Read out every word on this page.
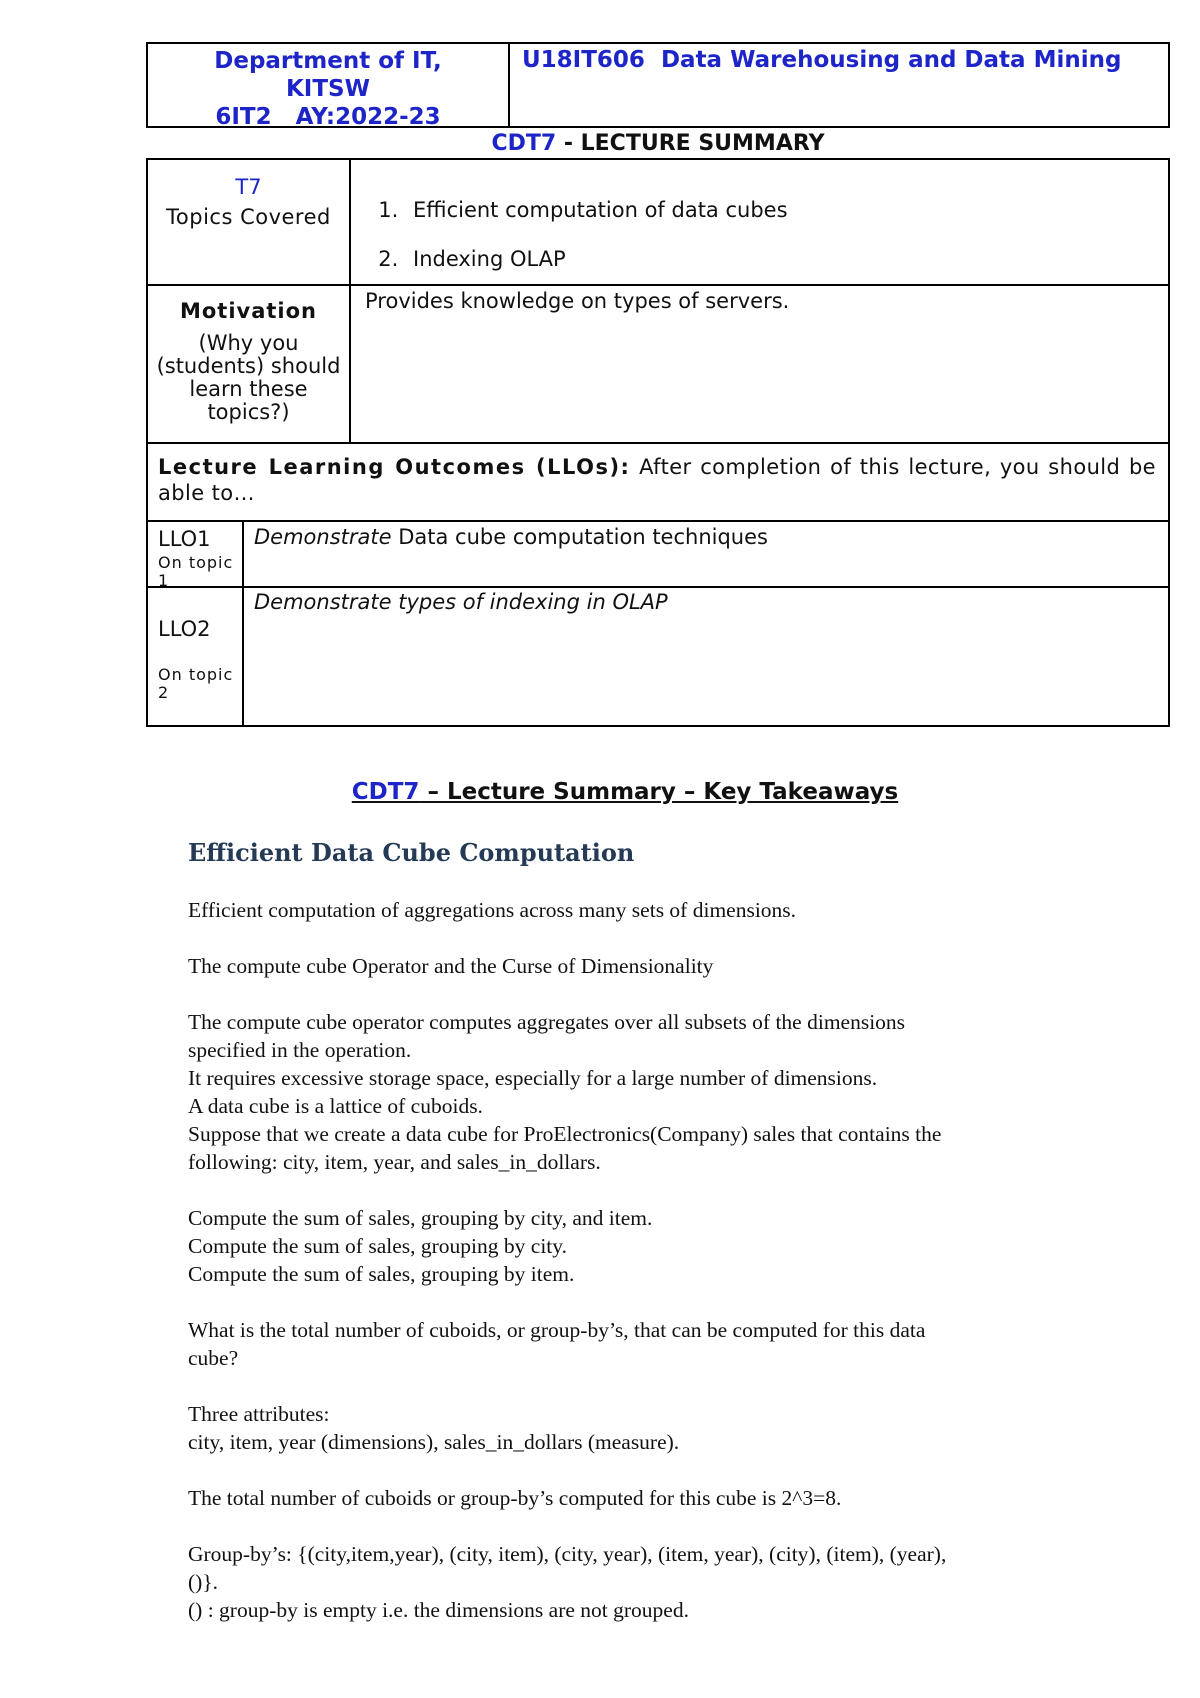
Department of IT,
KITSW
6IT2   AY:2022-23
U18IT606  Data Warehousing and Data Mining
CDT7 - LECTURE SUMMARY
T7
Topics Covered
1.	Efficient computation of data cubes
2. Indexing OLAP
Motivation
(Why you (students) should learn these topics?)
Provides knowledge on types of servers.
Lecture Learning Outcomes (LLOs): After completion of this lecture, you should be able to…
LLO1
On topic 1
Demonstrate Data cube computation techniques
LLO2
On topic 2
Demonstrate types of indexing in OLAP
CDT7 – Lecture Summary – Key Takeaways
Efficient Data Cube Computation

Efficient computation of aggregations across many sets of dimensions.

The compute cube Operator and the Curse of Dimensionality

The compute cube operator computes aggregates over all subsets of the dimensions

specified in the operation.

It requires excessive storage space, especially for a large number of dimensions.

A data cube is a lattice of cuboids.

Suppose that we create a data cube for ProElectronics(Company) sales that contains the

following: city, item, year, and sales_in_dollars.

Compute the sum of sales, grouping by city, and item.

Compute the sum of sales, grouping by city.

Compute the sum of sales, grouping by item.

What is the total number of cuboids, or group-by’s, that can be computed for this data

cube?

Three attributes:

city, item, year (dimensions), sales_in_dollars (measure).

The total number of cuboids or group-by’s computed for this cube is 2^3=8.

Group-by’s: {(city,item,year), (city, item), (city, year), (item, year), (city), (item), (year),

()}.

() : group-by is empty i.e. the dimensions are not grouped.
